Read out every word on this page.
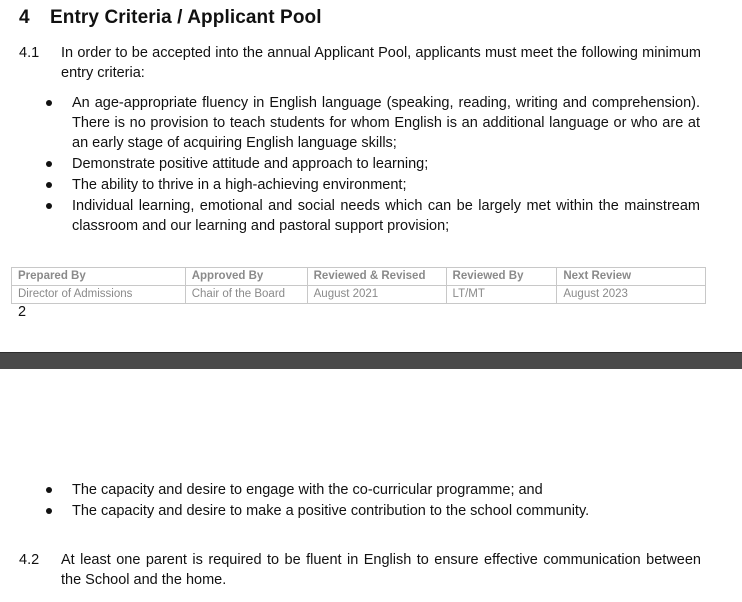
4 Entry Criteria / Applicant Pool
4.1	In order to be accepted into the annual Applicant Pool, applicants must meet the following minimum entry criteria:
An age-appropriate fluency in English language (speaking, reading, writing and comprehension). There is no provision to teach students for whom English is an additional language or who are at an early stage of acquiring English language skills;
Demonstrate positive attitude and approach to learning;
The ability to thrive in a high-achieving environment;
Individual learning, emotional and social needs which can be largely met within the mainstream classroom and our learning and pastoral support provision;
Prepared By	Approved By	Reviewed & Revised	Reviewed By	Next Review
Director of Admissions	Chair of the Board	August 2021	LT/MT	August 2023
2
The capacity and desire to engage with the co-curricular programme; and
The capacity and desire to make a positive contribution to the school community.
4.2	At least one parent is required to be fluent in English to ensure effective communication between the School and the home.
